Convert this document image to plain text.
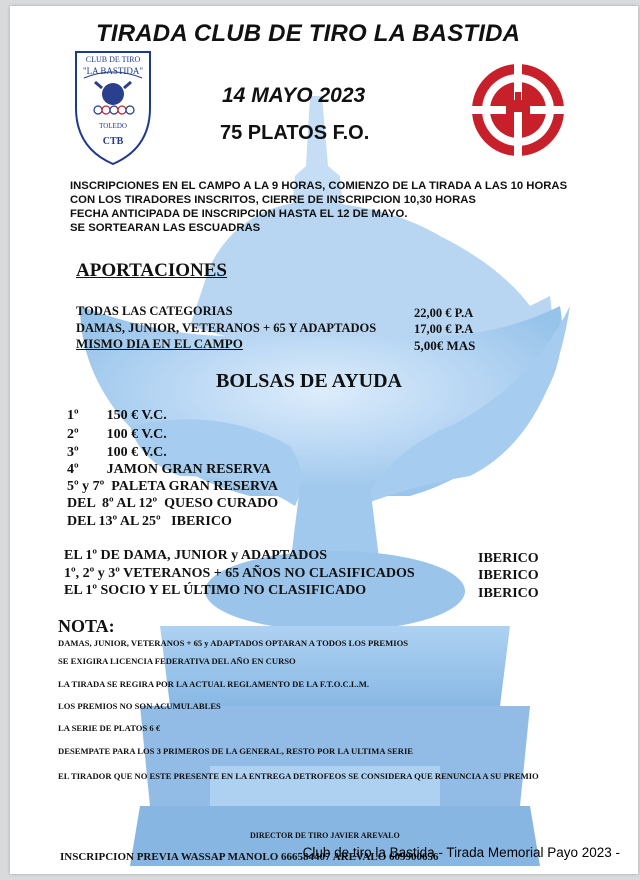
CLUB DE TIRO
"LA BASTIDA"
TOLEDO
CTB
TIRADA CLUB DE TIRO LA BASTIDA
14 MAYO 2023
75 PLATOS F.O.
INSCRIPCIONES EN EL CAMPO A LA 9 HORAS, COMIENZO DE LA TIRADA A LAS 10 HORAS
CON LOS TIRADORES INSCRITOS, CIERRE DE INSCRIPCION 10,30 HORAS
FECHA ANTICIPADA DE INSCRIPCION HASTA EL 12 DE MAYO.
SE SORTEARAN LAS ESCUADRAS
APORTACIONES
TODAS LAS CATEGORIAS	22,00 € P.A
DAMAS, JUNIOR, VETERANOS + 65 Y ADAPTADOS	17,00 € P.A
MISMO DIA EN EL CAMPO	5,00€ MAS
BOLSAS DE AYUDA
1º        150 € V.C.
2º        100 € V.C.
3º        100 € V.C.
4º        JAMON GRAN RESERVA
5º y 7º  PALETA GRAN RESERVA
DEL  8º AL 12º  QUESO CURADO
DEL 13º AL 25º   IBERICO
EL 1º DE DAMA, JUNIOR y ADAPTADOS	IBERICO
1º, 2º y 3º VETERANOS + 65 AÑOS NO CLASIFICADOS	IBERICO
EL 1º SOCIO Y EL ÚLTIMO NO CLASIFICADO	IBERICO
NOTA:
DAMAS, JUNIOR, VETERANOS + 65 y ADAPTADOS OPTARAN A TODOS LOS PREMIOS
SE EXIGIRA LICENCIA FEDERATIVA DEL AÑO EN CURSO
LA TIRADA SE REGIRA POR LA ACTUAL REGLAMENTO DE LA F.T.O.C.L.M.
LOS PREMIOS NO SON ACUMULABLES
LA SERIE DE PLATOS 6 €
DESEMPATE PARA LOS 3 PRIMEROS DE LA GENERAL, RESTO POR LA ULTIMA SERIE
EL TIRADOR QUE NO ESTE PRESENTE EN LA ENTREGA DETROFEOS SE CONSIDERA QUE RENUNCIA A SU PREMIO
DIRECTOR DE TIRO JAVIER AREVALO
INSCRIPCION PREVIA WASSAP MANOLO 666584407 AREVALO 609900656
Club de tiro la Bastida - Tirada Memorial Payo 2023 -
